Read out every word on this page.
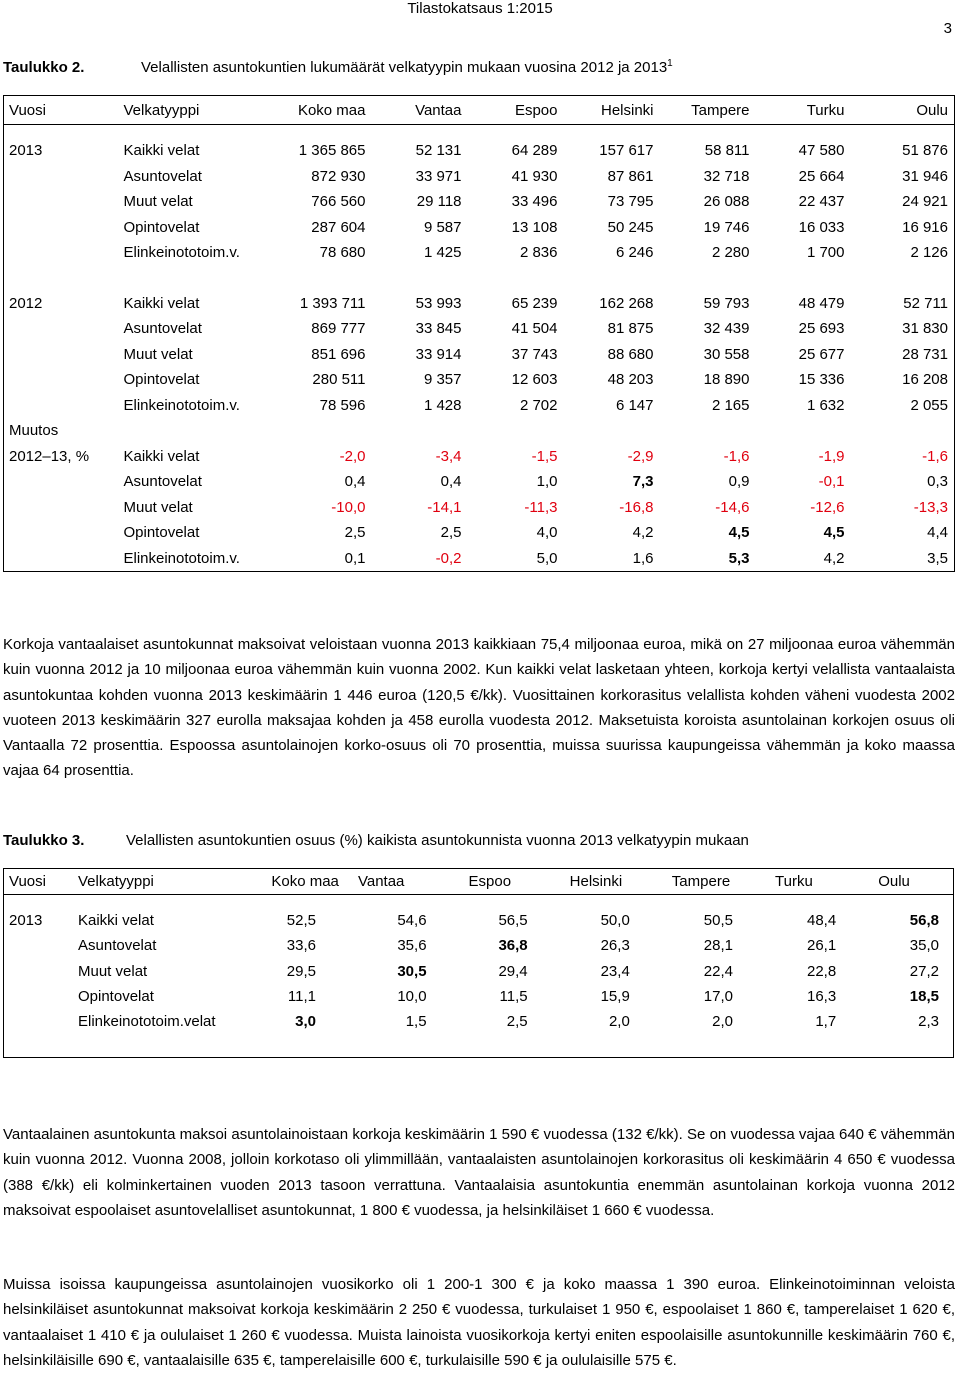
Tilastokatsaus 1:2015
3
Taulukko 2.	Velallisten asuntokuntien lukumäärät velkatyypin mukaan vuosina 2012 ja 2013$^1$
Vuosi	Velkatyyppi	Koko maa	Vantaa	Espoo	Helsinki	Tampere	Turku	Oulu

2013	Kaikki velat	1 365 865	52 131	64 289	157 617	58 811	47 580	51 876
	Asuntovelat	872 930	33 971	41 930	87 861	32 718	25 664	31 946
	Muut velat	766 560	29 118	33 496	73 795	26 088	22 437	24 921
	Opintovelat	287 604	9 587	13 108	50 245	19 746	16 033	16 916
	Elinkeinototoim.v.	78 680	1 425	2 836	6 246	2 280	1 700	2 126

2012	Kaikki velat	1 393 711	53 993	65 239	162 268	59 793	48 479	52 711
	Asuntovelat	869 777	33 845	41 504	81 875	32 439	25 693	31 830
	Muut velat	851 696	33 914	37 743	88 680	30 558	25 677	28 731
	Opintovelat	280 511	9 357	12 603	48 203	18 890	15 336	16 208
	Elinkeinototoim.v.	78 596	1 428	2 702	6 147	2 165	1 632	2 055
Muutos								
2012–13, %	Kaikki velat	-2,0	-3,4	-1,5	-2,9	-1,6	-1,9	-1,6
	Asuntovelat	0,4	0,4	1,0	7,3	0,9	-0,1	0,3
	Muut velat	-10,0	-14,1	-11,3	-16,8	-14,6	-12,6	-13,3
	Opintovelat	2,5	2,5	4,0	4,2	4,5	4,5	4,4
	Elinkeinototoim.v.	0,1	-0,2	5,0	1,6	5,3	4,2	3,5
Korkoja vantaalaiset asuntokunnat maksoivat veloistaan vuonna 2013 kaikkiaan 75,4 miljoonaa euroa, mikä on 27 miljoonaa euroa vähemmän kuin vuonna 2012 ja 10 miljoonaa euroa vähemmän kuin vuonna 2002. Kun kaikki velat lasketaan yhteen, korkoja kertyi velallista vantaalaista asuntokuntaa kohden vuonna 2013 keskimäärin 1 446 euroa (120,5 €/kk). Vuosittainen korkorasitus velallista kohden väheni vuodesta 2002 vuoteen 2013 keskimäärin 327 eurolla maksajaa kohden ja 458 eurolla vuodesta 2012. Maksetuista koroista asuntolainan korkojen osuus oli Vantaalla 72 prosenttia. Espoossa asuntolainojen korko-osuus oli 70 prosenttia, muissa suurissa kaupungeissa vähemmän ja koko maassa vajaa 64 prosenttia.
Taulukko 3.	Velallisten asuntokuntien osuus (%) kaikista asuntokunnista vuonna 2013 velkatyypin mukaan
Vuosi	Velkatyyppi	Koko maa	Vantaa	Espoo	Helsinki	Tampere	Turku	Oulu

2013	Kaikki velat	52,5	54,6	56,5	50,0	50,5	48,4	56,8
	Asuntovelat	33,6	35,6	36,8	26,3	28,1	26,1	35,0
	Muut velat	29,5	30,5	29,4	23,4	22,4	22,8	27,2
	Opintovelat	11,1	10,0	11,5	15,9	17,0	16,3	18,5
	Elinkeinototoim.velat	3,0	1,5	2,5	2,0	2,0	1,7	2,3

Vantaalainen asuntokunta maksoi asuntolainoistaan korkoja keskimäärin 1 590 € vuodessa (132 €/kk). Se on vuodessa vajaa 640 € vähemmän kuin vuonna 2012. Vuonna 2008, jolloin korkotaso oli ylimmillään, vantaalaisten asuntolainojen korkorasitus oli keskimäärin 4 650 € vuodessa (388 €/kk) eli kolminkertainen vuoden 2013 tasoon verrattuna. Vantaalaisia asuntokuntia enemmän asuntolainan korkoja vuonna 2012 maksoivat espoolaiset asuntovelalliset asuntokunnat, 1 800 € vuodessa, ja helsinkiläiset 1 660 € vuodessa.
Muissa isoissa kaupungeissa asuntolainojen vuosikorko oli 1 200-1 300 € ja koko maassa 1 390 euroa. Elinkeinotoiminnan veloista helsinkiläiset asuntokunnat maksoivat korkoja keskimäärin 2 250 € vuodessa, turkulaiset 1 950 €, espoolaiset 1 860 €, tamperelaiset 1 620 €, vantaalaiset 1 410 € ja oululaiset 1 260 € vuodessa. Muista lainoista vuosikorkoja kertyi eniten espoolaisille asuntokunnille keskimäärin 760 €, helsinkiläisille 690 €, vantaalaisille 635 €, tamperelaisille 600 €, turkulaisille 590 € ja oululaisille 575 €.
